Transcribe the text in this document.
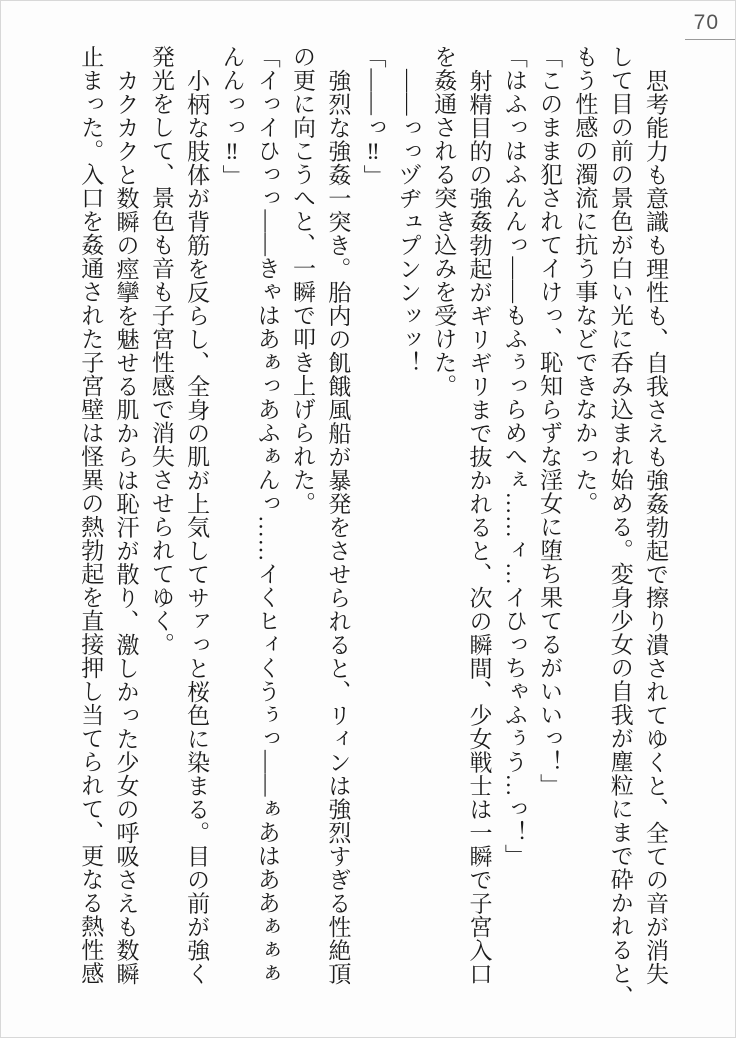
70

思考能力も意識も理性も、自我さえも強姦勃起で擦り潰されてゆくと、全ての音が消失

して目の前の景色が白い光に呑み込まれ始める。変身少女の自我が塵粒にまで砕かれると、

もう性感の濁流に抗う事などできなかった。

「このまま犯されてイけっ、恥知らずな淫女に堕ち果てるがいいっ！」

「はふっはふんんっ――もふぅっらめへぇ……ィ…イひっちゃふぅう…っ！」

射精目的の強姦勃起がギリギリまで抜かれると、次の瞬間、少女戦士は一瞬で子宮入口

を姦通される突き込みを受けた。

――っっヅヂュプンンッッ！

「――っ‼」

強烈な強姦一突き。胎内の飢餓風船が暴発をさせられると、リィンは強烈すぎる性絶頂

の更に向こうへと、一瞬で叩き上げられた。

「イっイひっっ――きゃはあぁっあふぁんっ……イくヒィくうぅっ――ぁあはああぁぁぁ

んんっっ‼」

小柄な肢体が背筋を反らし、全身の肌が上気してサァっと桜色に染まる。目の前が強く

発光をして、景色も音も子宮性感で消失させられてゆく。

カクカクと数瞬の痙攣を魅せる肌からは恥汗が散り、激しかった少女の呼吸さえも数瞬

止まった。入口を姦通された子宮壁は怪異の熱勃起を直接押し当てられて、更なる熱性感
